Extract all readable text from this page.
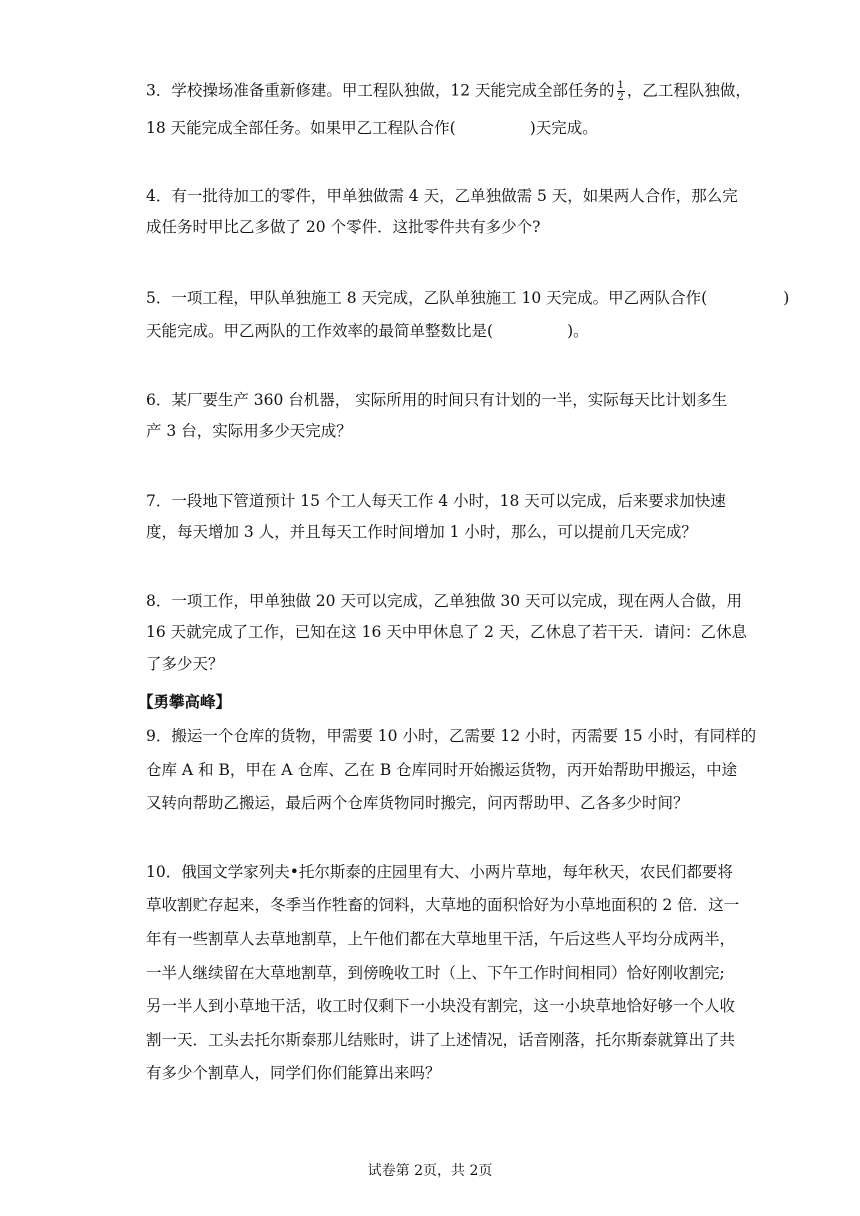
3．学校操场准备重新修建。甲工程队独做，12 天能完成全部任务的 $\frac{1}{2}$ ，乙工程队独做，
18 天能完成全部任务。如果甲乙工程队合作(	)天完成。
4．有一批待加工的零件，甲单独做需 4 天，乙单独做需 5 天，如果两人合作，那么完
成任务时甲比乙多做了 20 个零件．这批零件共有多少个?
5．一项工程，甲队单独施工 8 天完成，乙队单独施工 10 天完成。甲乙两队合作(	)
天能完成。甲乙两队的工作效率的最简单整数比是(	)。
6．某厂要生产 360 台机器， 实际所用的时间只有计划的一半，实际每天比计划多生
产 3 台，实际用多少天完成？
7．一段地下管道预计 15 个工人每天工作 4 小时，18 天可以完成，后来要求加快速
度，每天增加 3 人，并且每天工作时间增加 1 小时，那么，可以提前几天完成？
8．一项工作，甲单独做 20 天可以完成，乙单独做 30 天可以完成，现在两人合做，用
16 天就完成了工作，已知在这 16 天中甲休息了 2 天，乙休息了若干天．请问：乙休息
了多少天？
【勇攀高峰】
9．搬运一个仓库的货物，甲需要 10 小时，乙需要 12 小时，丙需要 15 小时，有同样的
仓库 A 和 B，甲在 A 仓库、乙在 B 仓库同时开始搬运货物，丙开始帮助甲搬运，中途
又转向帮助乙搬运，最后两个仓库货物同时搬完，问丙帮助甲、乙各多少时间？
10．俄国文学家列夫•托尔斯泰的庄园里有大、小两片草地，每年秋天，农民们都要将
草收割贮存起来，冬季当作牲畜的饲料，大草地的面积恰好为小草地面积的 2 倍．这一
年有一些割草人去草地割草，上午他们都在大草地里干活，午后这些人平均分成两半，
一半人继续留在大草地割草，到傍晚收工时（上、下午工作时间相同）恰好刚收割完;
另一半人到小草地干活，收工时仅剩下一小块没有割完，这一小块草地恰好够一个人收
割一天．工头去托尔斯泰那儿结账时，讲了上述情况，话音刚落，托尔斯泰就算出了共
有多少个割草人，同学们你们能算出来吗？
试卷第 2页，共 2页
